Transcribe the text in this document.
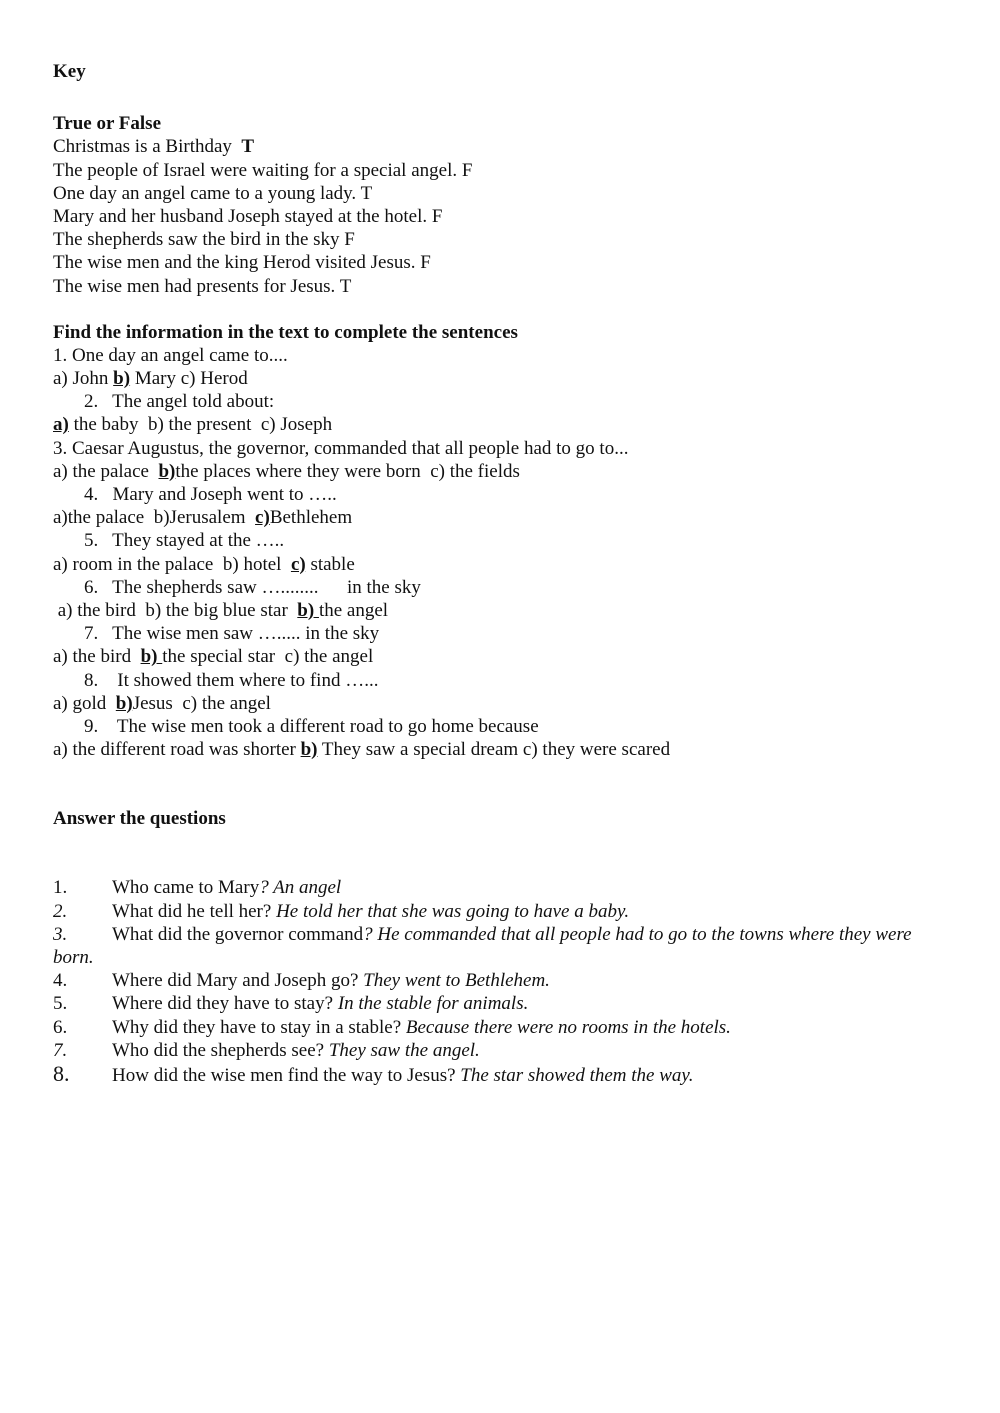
Key
True or False
Christmas is a Birthday  T
The people of Israel were waiting for a special angel. F
One day an angel came to a young lady. T
Mary and her husband Joseph stayed at the hotel. F
The shepherds saw the bird in the sky F
The wise men and the king Herod visited Jesus. F
The wise men had presents for Jesus. T
Find the information in the text to complete the sentences
1. One day an angel came to....
a) John b) Mary c) Herod
2.   The angel told about:
a) the baby  b) the present  c) Joseph
3. Caesar Augustus, the governor, commanded that all people had to go to...
a) the palace  b)the places where they were born  c) the fields
4.   Mary and Joseph went to …..
a)the palace  b)Jerusalem  c)Bethlehem
5.   They stayed at the …..
a) room in the palace  b) hotel  c) stable
6.   The shepherds saw …........      in the sky
a) the bird  b) the big blue star  b) the angel
7.   The wise men saw …..... in the sky
a) the bird  b) the special star  c) the angel
8.    It showed them where to find …...
a) gold  b)Jesus  c) the angel
9.    The wise men took a different road to go home because
a) the different road was shorter b) They saw a special dream c) they were scared
Answer the questions
1. Who came to Mary? An angel
2. What did he tell her? He told her that she was going to have a baby.
3. What did the governor command? He commanded that all people had to go to the towns where they were born.
4. Where did Mary and Joseph go? They went to Bethlehem.
5. Where did they have to stay? In the stable for animals.
6. Why did they have to stay in a stable? Because there were no rooms in the hotels.
7. Who did the shepherds see? They saw the angel.
8. How did the wise men find the way to Jesus? The star showed them the way.
